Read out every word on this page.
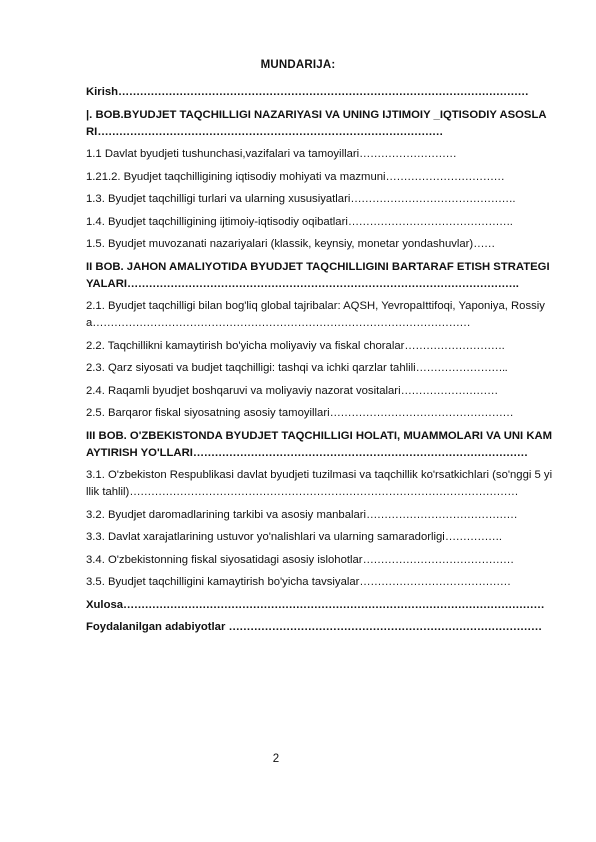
MUNDARIJA:
Kirish……………………………………………………………………………………………………
|. BOB.BYUDJET TAQCHILLIGI NAZARIYASI VA UNING IJTIMOIY _IQTISODIY ASOSLARI……………………………………………………………………………………
1.1 Davlat byudjeti tushunchasi,vazifalari va tamoyillari………………………
1.21.2. Byudjet taqchilligining iqtisodiy mohiyati va mazmuni……………………………
1.3. Byudjet taqchilligi turlari va ularning xususiyatlari……………………………………….
1.4. Byudjet taqchilligining ijtimoiy-iqtisodiy oqibatlari……………………………………….
1.5. Byudjet muvozanati nazariyalari (klassik, keynsiy, monetar yondashuvlar)……
II BOB. JAHON AMALIYOTIDA BYUDJET TAQCHILLIGINI BARTARAF ETISH STRATEGIYALARI……………………………………………………………………………………………….
2.1. Byudjet taqchilligi bilan bog'liq global tajribalar: AQSH, YevropaIttifoqi, Yaponiya, Rossiya……………………………………………………………………………………………
2.2. Taqchillikni kamaytirish bo'yicha moliyaviy va fiskal choralar……………………….
2.3. Qarz siyosati va budjet taqchilligi: tashqi va ichki qarzlar tahlili……………………..
2.4. Raqamli byudjet boshqaruvi va moliyaviy nazorat vositalari………………………
2.5. Barqaror fiskal siyosatning asosiy tamoyillari……………………………………………
III BOB. O'ZBEKISTONDA BYUDJET TAQCHILLIGI HOLATI, MUAMMOLARI VA UNI KAMAYTIRISH YO'LLARI…………………………………………………………………………………
3.1. O'zbekiston Respublikasi davlat byudjeti tuzilmasi va taqchillik ko'rsatkichlari (so'nggi 5 yillik tahlil)………………………………………………………………………………………………
3.2. Byudjet daromadlarining tarkibi va asosiy manbalari……………………………………
3.3. Davlat xarajatlarining ustuvor yo'nalishlari va ularning samaradorligi…………….
3.4. O'zbekistonning fiskal siyosatidagi asosiy islohotlar……………………………………
3.5. Byudjet taqchilligini kamaytirish bo'yicha tavsiyalar……………………………………
Xulosa………………………………………………………………………………………………………
Foydalanilgan adabiyotlar ……………………………………………………………………………
2
